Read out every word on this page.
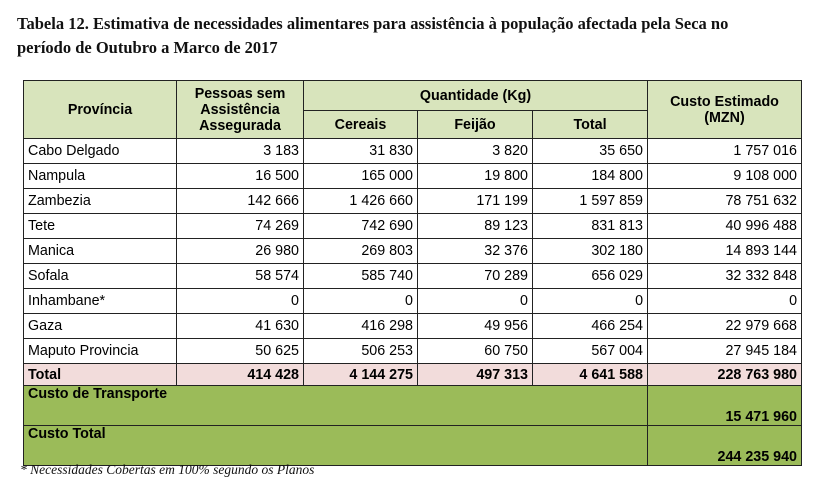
Tabela 12. Estimativa de necessidades alimentares para assistência à população afectada pela Seca no
período de Outubro a Marco de 2017
Província	Pessoas sem Assistência Assegurada	Quantidade (Kg)			Custo Estimado (MZN)
		Cereais	Feijão	Total	
Cabo Delgado	3 183	31 830	3 820	35 650	1 757 016
Nampula	16 500	165 000	19 800	184 800	9 108 000
Zambezia	142 666	1 426 660	171 199	1 597 859	78 751 632
Tete	74 269	742 690	89 123	831 813	40 996 488
Manica	26 980	269 803	32 376	302 180	14 893 144
Sofala	58 574	585 740	70 289	656 029	32 332 848
Inhambane*	0	0	0	0	0
Gaza	41 630	416 298	49 956	466 254	22 979 668
Maputo Provincia	50 625	506 253	60 750	567 004	27 945 184
Total	414 428	4 144 275	497 313	4 641 588	228 763 980
Custo de Transporte					15 471 960
Custo Total					244 235 940
* Necessidades Cobertas em 100% segundo os Planos
